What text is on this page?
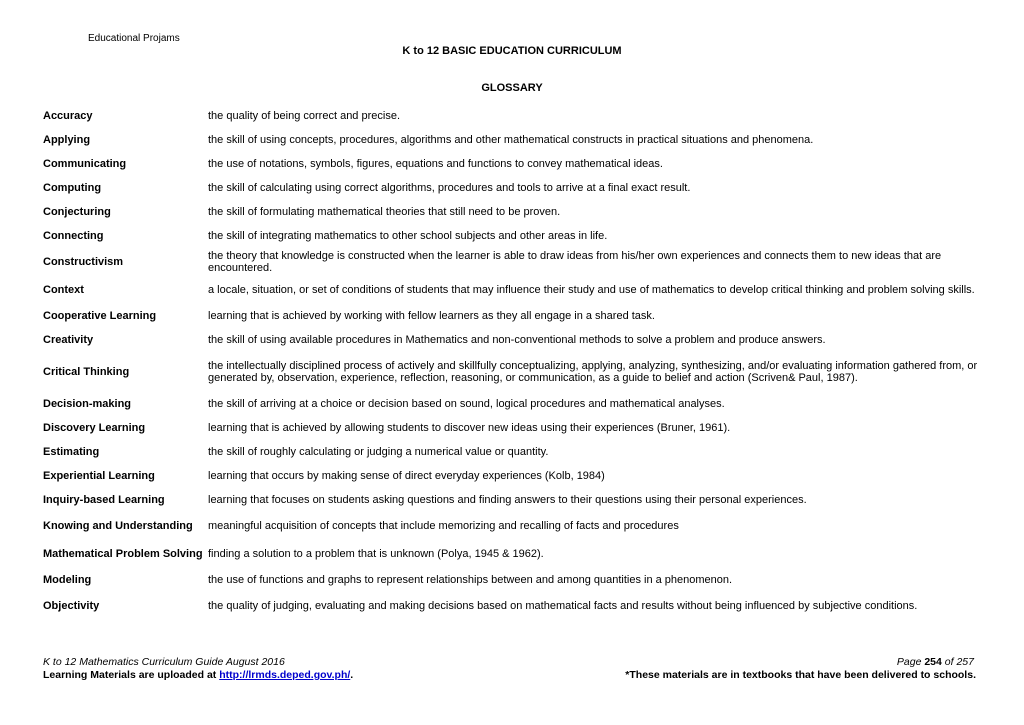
Educational Projams
K to 12 BASIC EDUCATION CURRICULUM
GLOSSARY
Accuracy	the quality of being correct and precise.
Applying	the skill of using concepts, procedures, algorithms and other mathematical constructs in practical situations and phenomena.
Communicating	the use of notations, symbols, figures, equations and functions to convey mathematical ideas.
Computing	the skill of calculating using correct algorithms, procedures and tools to arrive at a final exact result.
Conjecturing	the skill of formulating mathematical theories that still need to be proven.
Connecting	the skill of integrating mathematics to other school subjects and other areas in life.
Constructivism	the theory that knowledge is constructed when the learner is able to draw ideas from his/her own experiences and connects them to new ideas that are encountered.
Context	a locale, situation, or set of conditions of students that may influence their study and use of mathematics to develop critical thinking and problem solving skills.
Cooperative Learning	learning that is achieved by working with fellow learners as they all engage in a shared task.
Creativity	the skill of using available procedures in Mathematics and non-conventional methods to solve a problem and produce answers.
Critical Thinking	the intellectually disciplined process of actively and skillfully conceptualizing, applying, analyzing, synthesizing, and/or evaluating information gathered from, or generated by, observation, experience, reflection, reasoning, or communication, as a guide to belief and action (Scriven& Paul, 1987).
Decision-making	the skill of arriving at a choice or decision based on sound, logical procedures and mathematical analyses.
Discovery Learning	learning that is achieved by allowing students to discover new ideas using their experiences (Bruner, 1961).
Estimating	the skill of roughly calculating or judging a numerical value or quantity.
Experiential Learning	learning that occurs by making sense of direct everyday experiences (Kolb, 1984)
Inquiry-based Learning	learning that focuses on students asking questions and finding answers to their questions using their personal experiences.
Knowing and Understanding	meaningful acquisition of concepts that include memorizing and recalling of facts and procedures
Mathematical Problem Solving	finding a solution to a problem that is unknown (Polya, 1945 & 1962).
Modeling	the use of functions and graphs to represent relationships between and among quantities in a phenomenon.
Objectivity	the quality of judging, evaluating and making decisions based on mathematical facts and results without being influenced by subjective conditions.
K to 12 Mathematics Curriculum Guide August 2016	Page 254 of 257
Learning Materials are uploaded at http://lrmds.deped.gov.ph/.	*These materials are in textbooks that have been delivered to schools.
